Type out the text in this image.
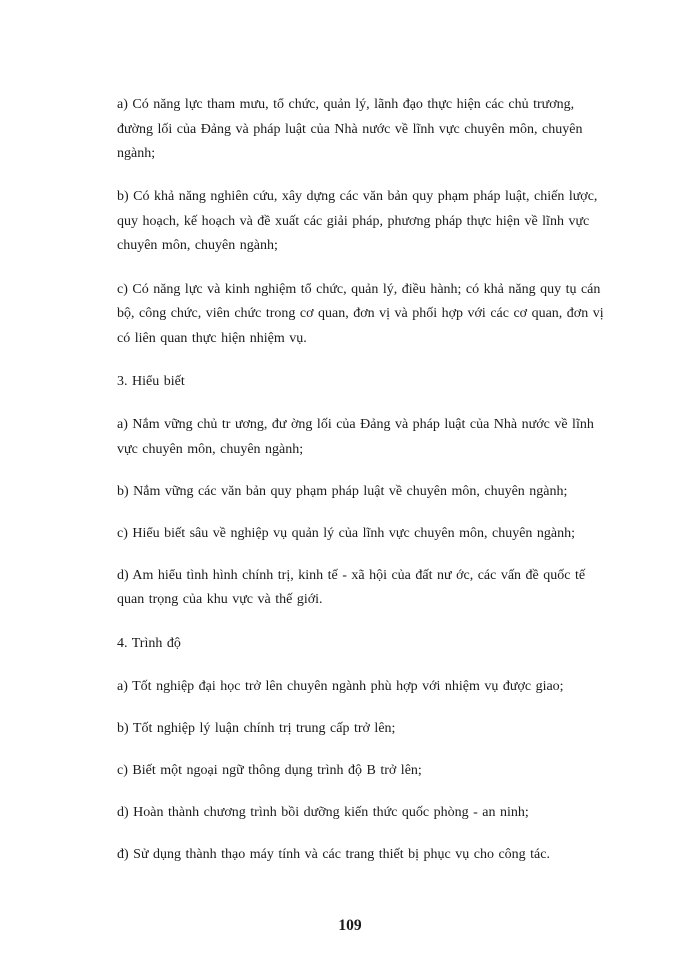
a) Có năng lực tham mưu, tổ chức, quản lý, lãnh đạo thực hiện các chủ trương, đường lối của Đảng và pháp luật của Nhà nước về lĩnh vực chuyên môn, chuyên ngành;

b) Có khả năng nghiên cứu, xây dựng các văn bản quy phạm pháp luật, chiến lược, quy hoạch, kế hoạch và đề xuất các giải pháp, phương pháp thực hiện về lĩnh vực chuyên môn, chuyên ngành;

c) Có năng lực và kinh nghiệm tổ chức, quản lý, điều hành; có khả năng quy tụ cán bộ, công chức, viên chức trong cơ quan, đơn vị và phối hợp với các cơ quan, đơn vị có liên quan thực hiện nhiệm vụ.

3. Hiểu biết

a) Nắm vững chủ tr ương, đư ờng lối của Đảng và pháp luật của Nhà nước về lĩnh vực chuyên môn, chuyên ngành;

b) Nắm vững các văn bản quy phạm pháp luật về chuyên môn, chuyên ngành;

c) Hiểu biết sâu về nghiệp vụ quản lý của lĩnh vực chuyên môn, chuyên ngành;

d) Am hiểu tình hình chính trị, kinh tế - xã hội của đất nư ớc, các vấn đề quốc tế quan trọng của khu vực và thế giới.

4. Trình độ

a) Tốt nghiệp đại học trở lên chuyên ngành phù hợp với nhiệm vụ được giao;

b) Tốt nghiệp lý luận chính trị trung cấp trở lên;

c) Biết một ngoại ngữ thông dụng trình độ B trở lên;

d) Hoàn thành chương trình bồi dưỡng kiến thức quốc phòng - an ninh;

đ) Sử dụng thành thạo máy tính và các trang thiết bị phục vụ cho công tác.

109
